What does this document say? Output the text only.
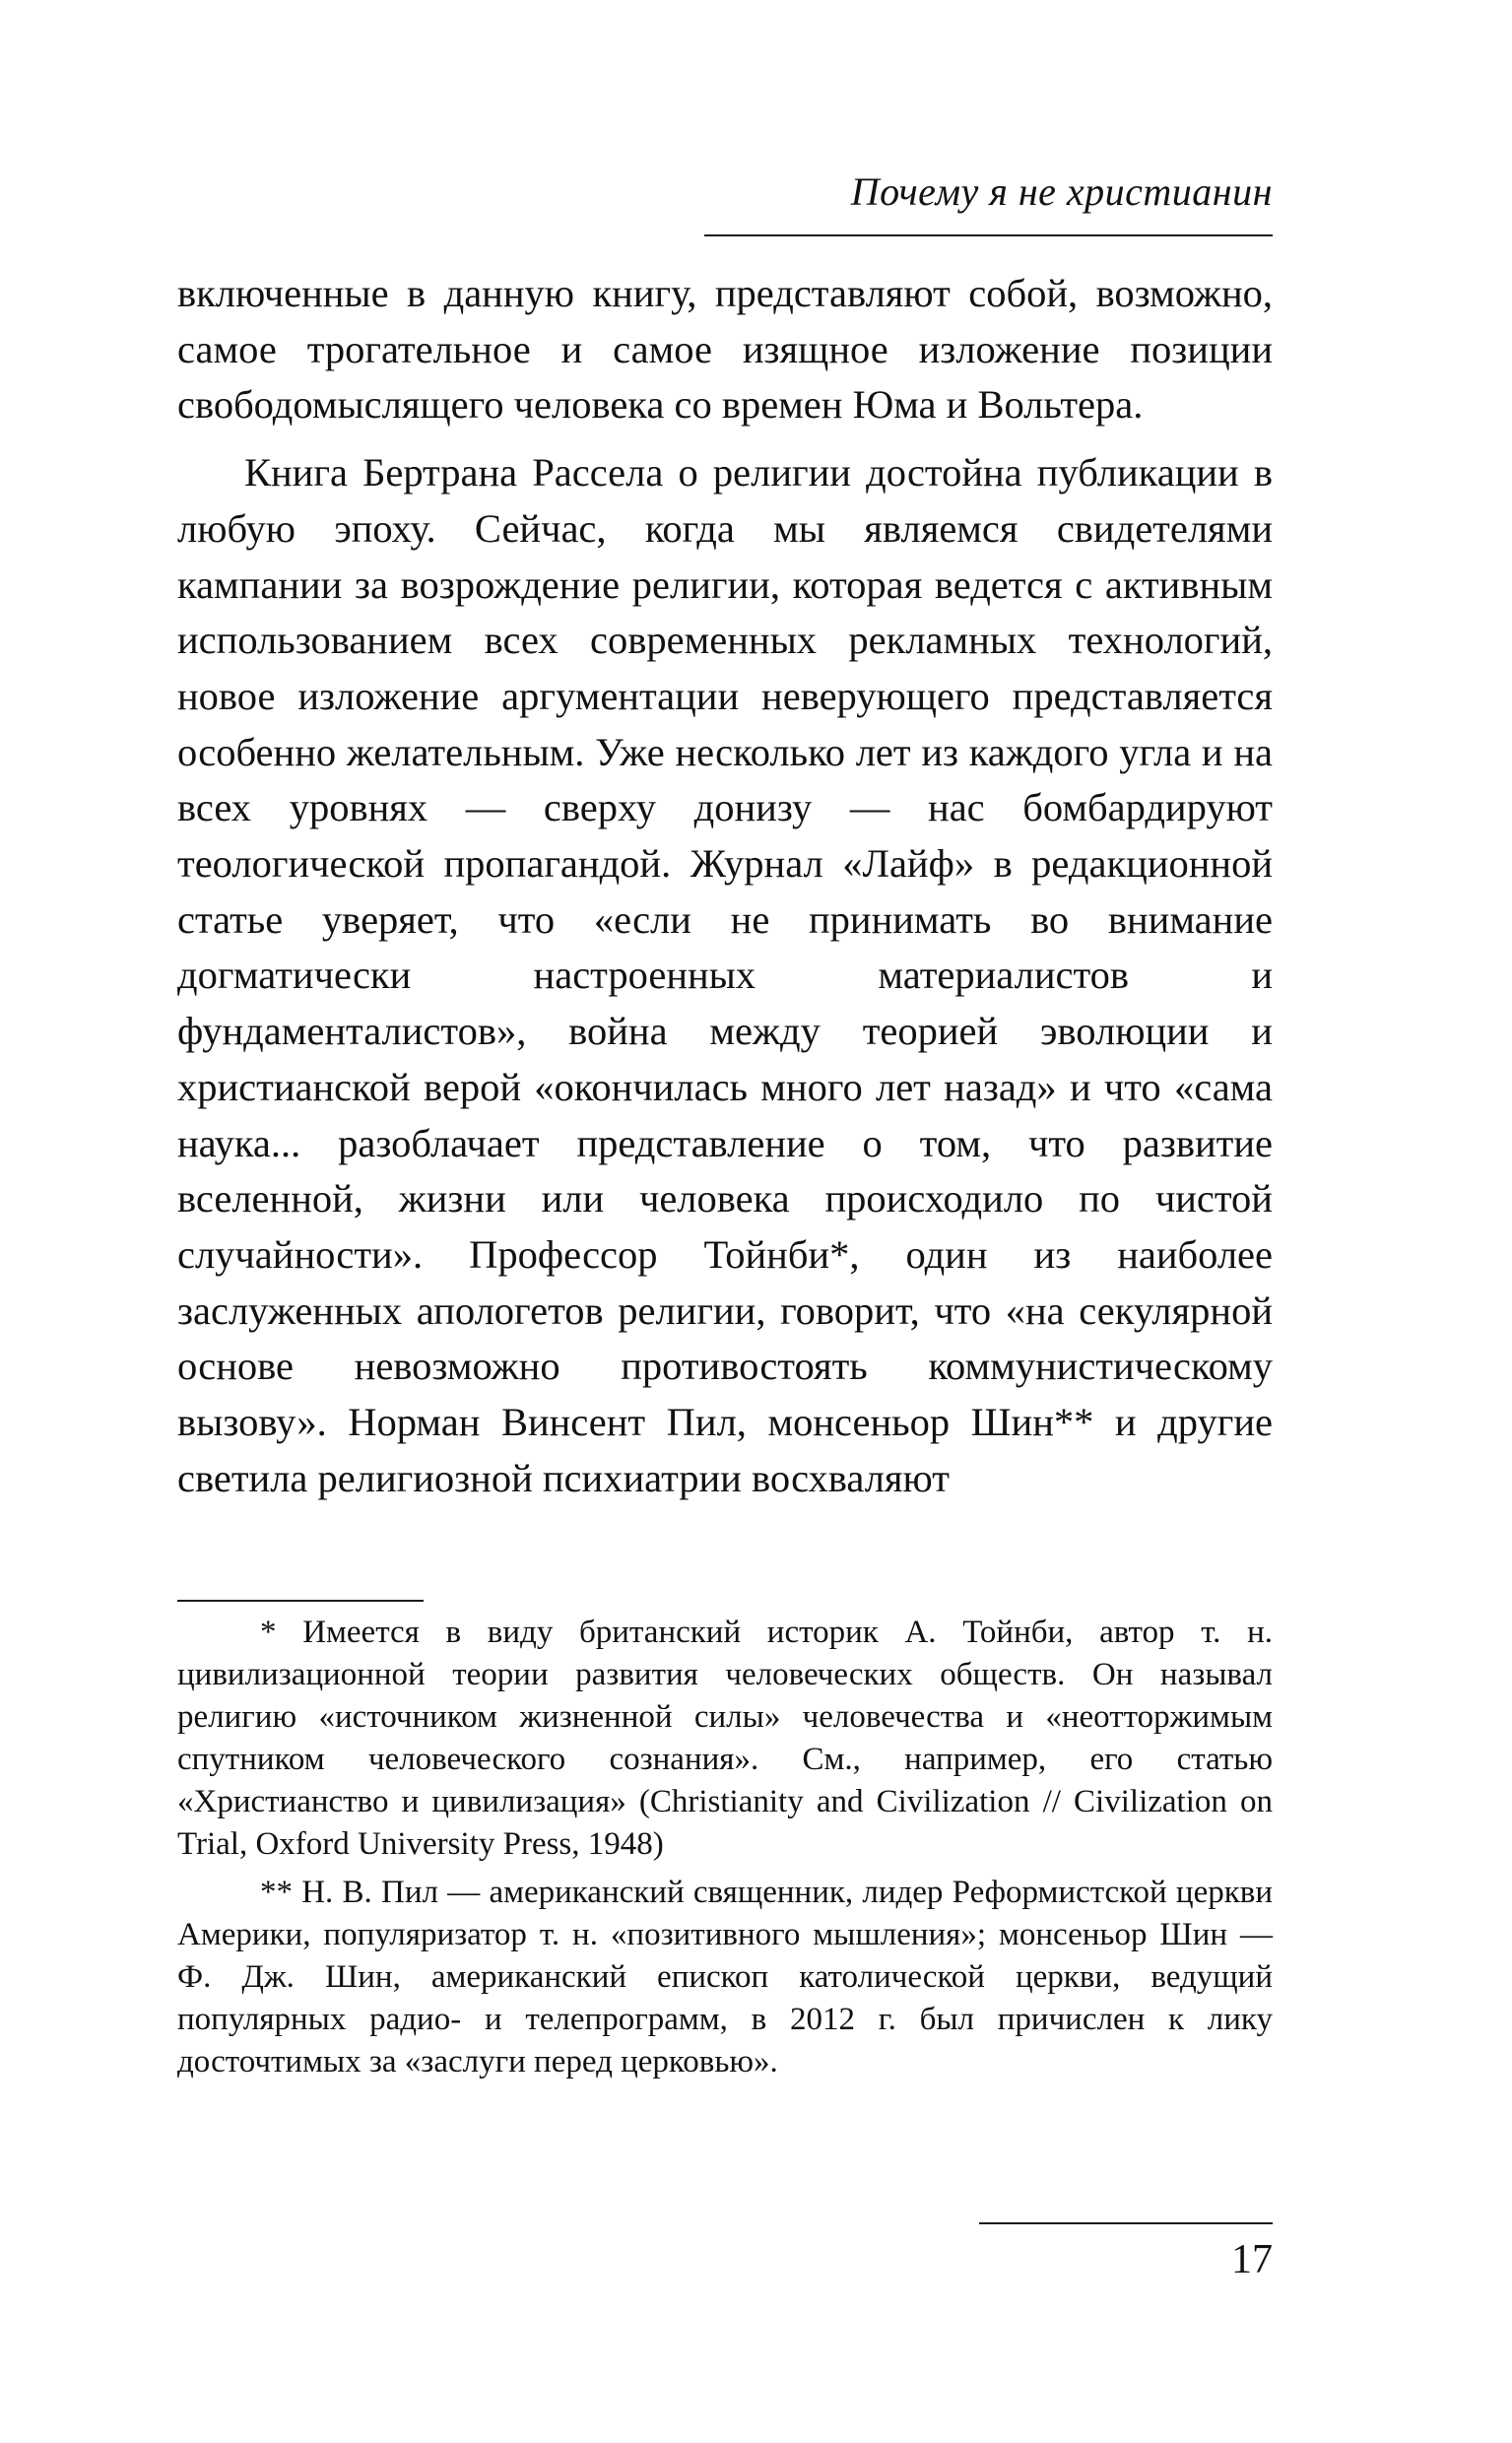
Почему я не христианин

включенные в данную книгу, представляют собой, возможно, самое трогательное и самое изящное изложение позиции свободомыслящего человека со времен Юма и Вольтера.

Книга Бертрана Рассела о религии достойна публикации в любую эпоху. Сейчас, когда мы являемся свидетелями кампании за возрождение религии, которая ведется с активным использованием всех современных рекламных технологий, новое изложение аргументации неверующего представляется особенно желательным. Уже несколько лет из каждого угла и на всех уровнях — сверху донизу — нас бомбардируют теологической пропагандой. Журнал «Лайф» в редакционной статье уверяет, что «если не принимать во внимание догматически настроенных материалистов и фундаменталистов», война между теорией эволюции и христианской верой «окончилась много лет назад» и что «сама наука... разоблачает представление о том, что развитие вселенной, жизни или человека происходило по чистой случайности». Профессор Тойнби*, один из наиболее заслуженных апологетов религии, говорит, что «на секулярной основе невозможно противостоять коммунистическому вызову». Норман Винсент Пил, монсеньор Шин** и другие светила религиозной психиатрии восхваляют

* Имеется в виду британский историк А. Тойнби, автор т. н. цивилизационной теории развития человеческих обществ. Он называл религию «источником жизненной силы» человечества и «неотторжимым спутником человеческого сознания». См., например, его статью «Христианство и цивилизация» (Christianity and Civilization // Civilization on Trial, Oxford University Press, 1948)

** Н. В. Пил — американский священник, лидер Реформистской церкви Америки, популяризатор т. н. «позитивного мышления»; монсеньор Шин — Ф. Дж. Шин, американский епископ католической церкви, ведущий популярных радио- и телепрограмм, в 2012 г. был причислен к лику досточтимых за «заслуги перед церковью».

17
